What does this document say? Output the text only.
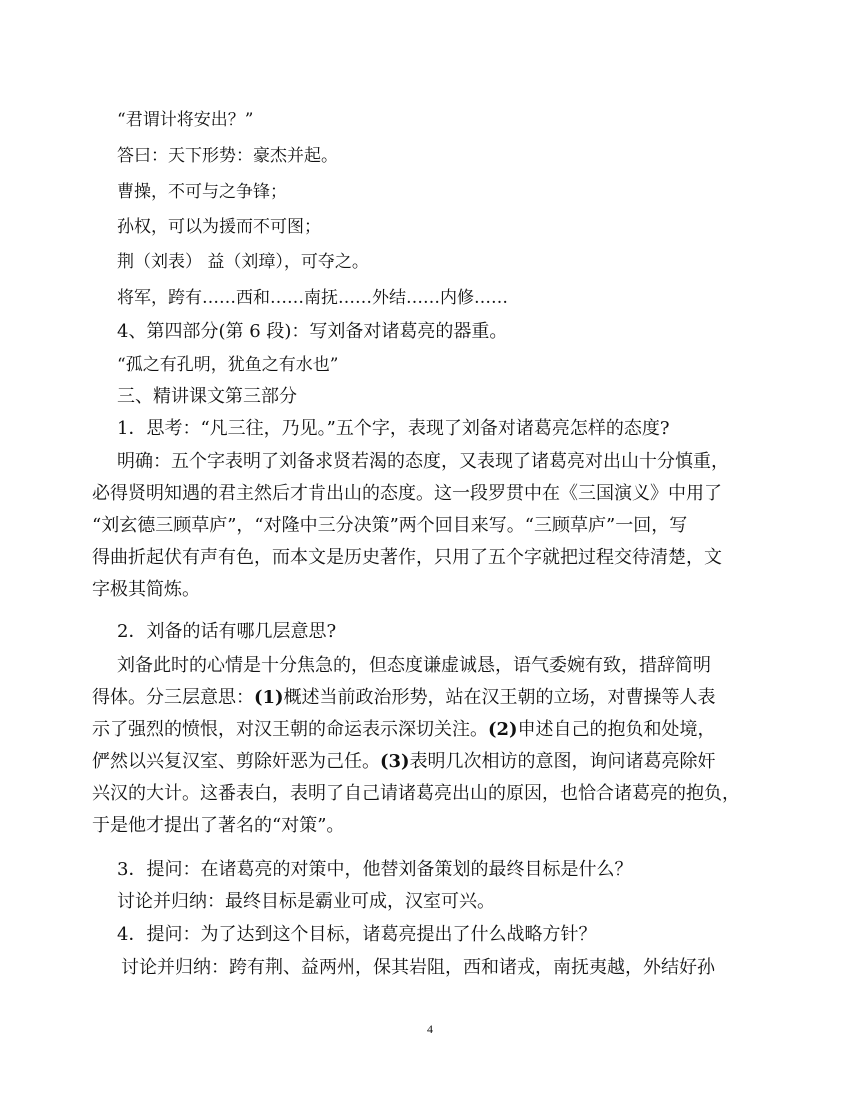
“君谓计将安出？”
答曰：天下形势：豪杰并起。
曹操，不可与之争锋；
孙权，可以为援而不可图；
荆（刘表） 益（刘璋），可夺之。
将军，跨有……西和……南抚……外结……内修……
4、第四部分(第 6 段)：写刘备对诸葛亮的器重。
“孤之有孔明，犹鱼之有水也”
三、精讲课文第三部分
1．思考：“凡三往，乃见。”五个字，表现了刘备对诸葛亮怎样的态度?
明确：五个字表明了刘备求贤若渴的态度，又表现了诸葛亮对出山十分慎重，
必得贤明知遇的君主然后才肯出山的态度。这一段罗贯中在《三国演义》中用了
“刘玄德三顾草庐”，“对隆中三分决策”两个回目来写。“三顾草庐”一回，写
得曲折起伏有声有色，而本文是历史著作，只用了五个字就把过程交待清楚，文
字极其简炼。
2．刘备的话有哪几层意思?
刘备此时的心情是十分焦急的，但态度谦虚诚恳，语气委婉有致，措辞简明
得体。分三层意思：(1)概述当前政治形势，站在汉王朝的立场，对曹操等人表
示了强烈的愤恨，对汉王朝的命运表示深切关注。(2)申述自己的抱负和处境，
俨然以兴复汉室、剪除奸恶为己任。(3)表明几次相访的意图，询问诸葛亮除奸
兴汉的大计。这番表白，表明了自己请诸葛亮出山的原因，也恰合诸葛亮的抱负，
于是他才提出了著名的“对策”。
3．提问：在诸葛亮的对策中，他替刘备策划的最终目标是什么？
讨论并归纳：最终目标是霸业可成，汉室可兴。
4．提问：为了达到这个目标，诸葛亮提出了什么战略方针？
讨论并归纳：跨有荆、益两州，保其岩阻，西和诸戎，南抚夷越，外结好孙
4
